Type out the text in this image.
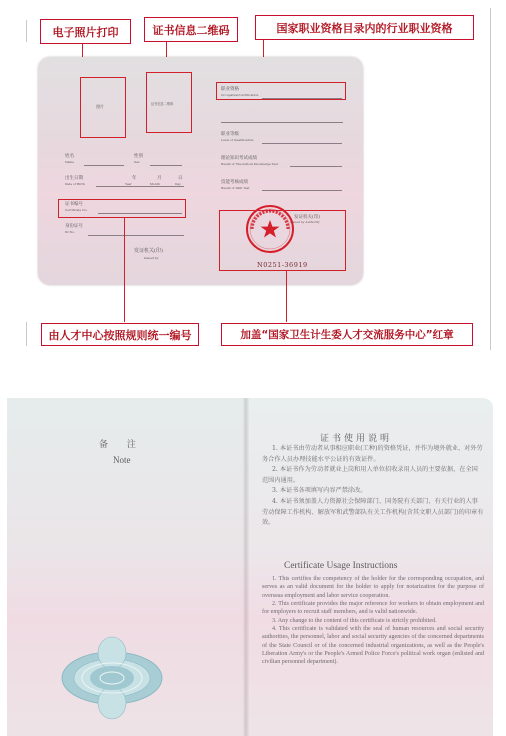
电子照片打印	证书信息二维码	国家职业资格目录内的行业职业资格
照片	证书信息二维码
职业资格
Occupation/Certification
职业等级
Level of Qualification
理论知识考试成绩
Result of Theoretical Knowledge Test
技能考核成绩
Result of Skill Test
姓名
Name
性别
Sex
出生日期
Date of Birth
年	月	日
Year	Month	Day
证书编号
Certificate No.
身份证号
ID No.
发证机关(印)
Issued by
发证机关(印)
Issued by Authority
N0251-36919
由人才中心按照规则统一编号	加盖“国家卫生计生委人才交流服务中心”红章
备 注
Note
证书使用说明

1. 本证书由劳动者从事相应职业(工种)的资格凭证，并作为境外就业、对外劳务合作人员办理技能水平公证的有效证件。

2. 本证书作为劳动者就业上岗和用人单位招收录用人员的主要依据，在全国范围内通用。

3. 本证书各项填写内容严禁涂改。

4. 本证书须加盖人力资源社会保障部门、国务院有关部门、有关行业的人事劳动保障工作机构、解放军和武警部队有关工作机构(含其文职人员部门)的印章有效。

Certificate Usage Instructions

1. This certifies the competency of the holder for the corresponding occupation, and serves as an valid document for the holder to apply for notarization for the purpose of overseas employment and labor service cooperation.

2. This certificate provides the major reference for workers to obtain employment and for employers to recruit staff members, and is valid nationwide.

3. Any change to the content of this certificate is strictly prohibited.

4. This certificate is validated with the seal of human resources and social security authorities, the personnel, labor and social security agencies of the concerned departments of the State Council or of the concerned industrial organizations, as well as the People's Liberation Army's or the People's Armed Police Force's political work organ (enlisted and civilian personnel department).
